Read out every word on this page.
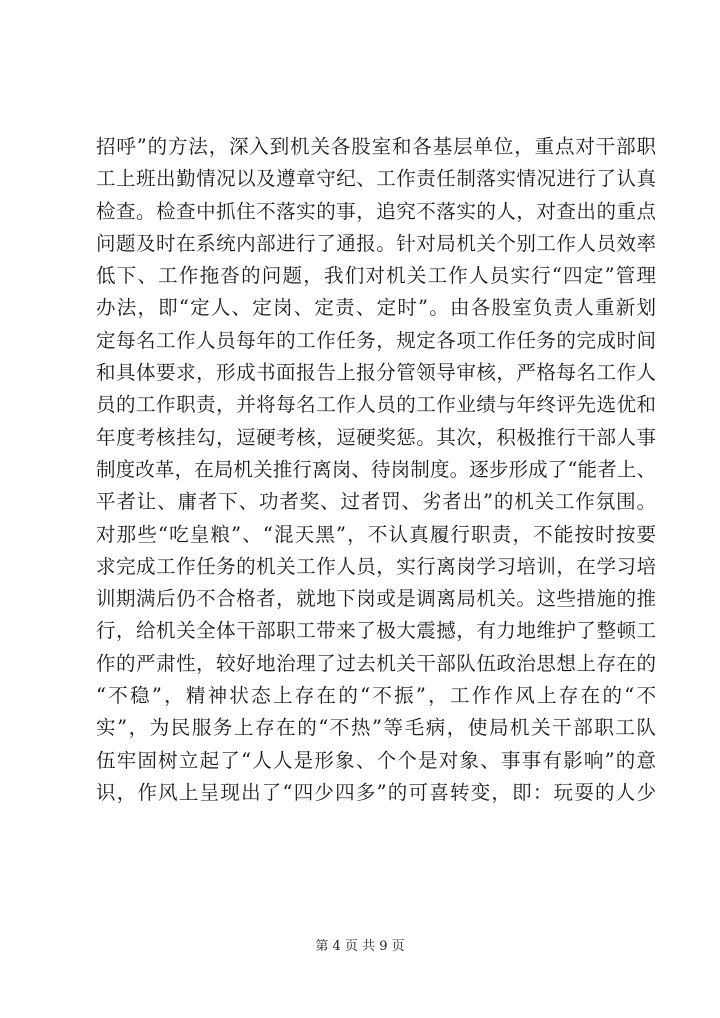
招呼”的方法，深入到机关各股室和各基层单位，重点对干部职
工上班出勤情况以及遵章守纪、工作责任制落实情况进行了认真
检查。检查中抓住不落实的事，追究不落实的人，对查出的重点
问题及时在系统内部进行了通报。针对局机关个别工作人员效率
低下、工作拖沓的问题，我们对机关工作人员实行“四定”管理
办法，即“定人、定岗、定责、定时”。由各股室负责人重新划
定每名工作人员每年的工作任务，规定各项工作任务的完成时间
和具体要求，形成书面报告上报分管领导审核，严格每名工作人
员的工作职责，并将每名工作人员的工作业绩与年终评先选优和
年度考核挂勾，逗硬考核，逗硬奖惩。其次，积极推行干部人事
制度改革，在局机关推行离岗、待岗制度。逐步形成了“能者上、
平者让、庸者下、功者奖、过者罚、劣者出”的机关工作氛围。
对那些“吃皇粮”、“混天黑”，不认真履行职责，不能按时按要
求完成工作任务的机关工作人员，实行离岗学习培训，在学习培
训期满后仍不合格者，就地下岗或是调离局机关。这些措施的推
行，给机关全体干部职工带来了极大震撼，有力地维护了整顿工
作的严肃性，较好地治理了过去机关干部队伍政治思想上存在的
“不稳”，精神状态上存在的“不振”，工作作风上存在的“不
实”，为民服务上存在的“不热”等毛病，使局机关干部职工队
伍牢固树立起了“人人是形象、个个是对象、事事有影响”的意
识，作风上呈现出了“四少四多”的可喜转变，即：玩耍的人少
第 4 页 共 9 页
